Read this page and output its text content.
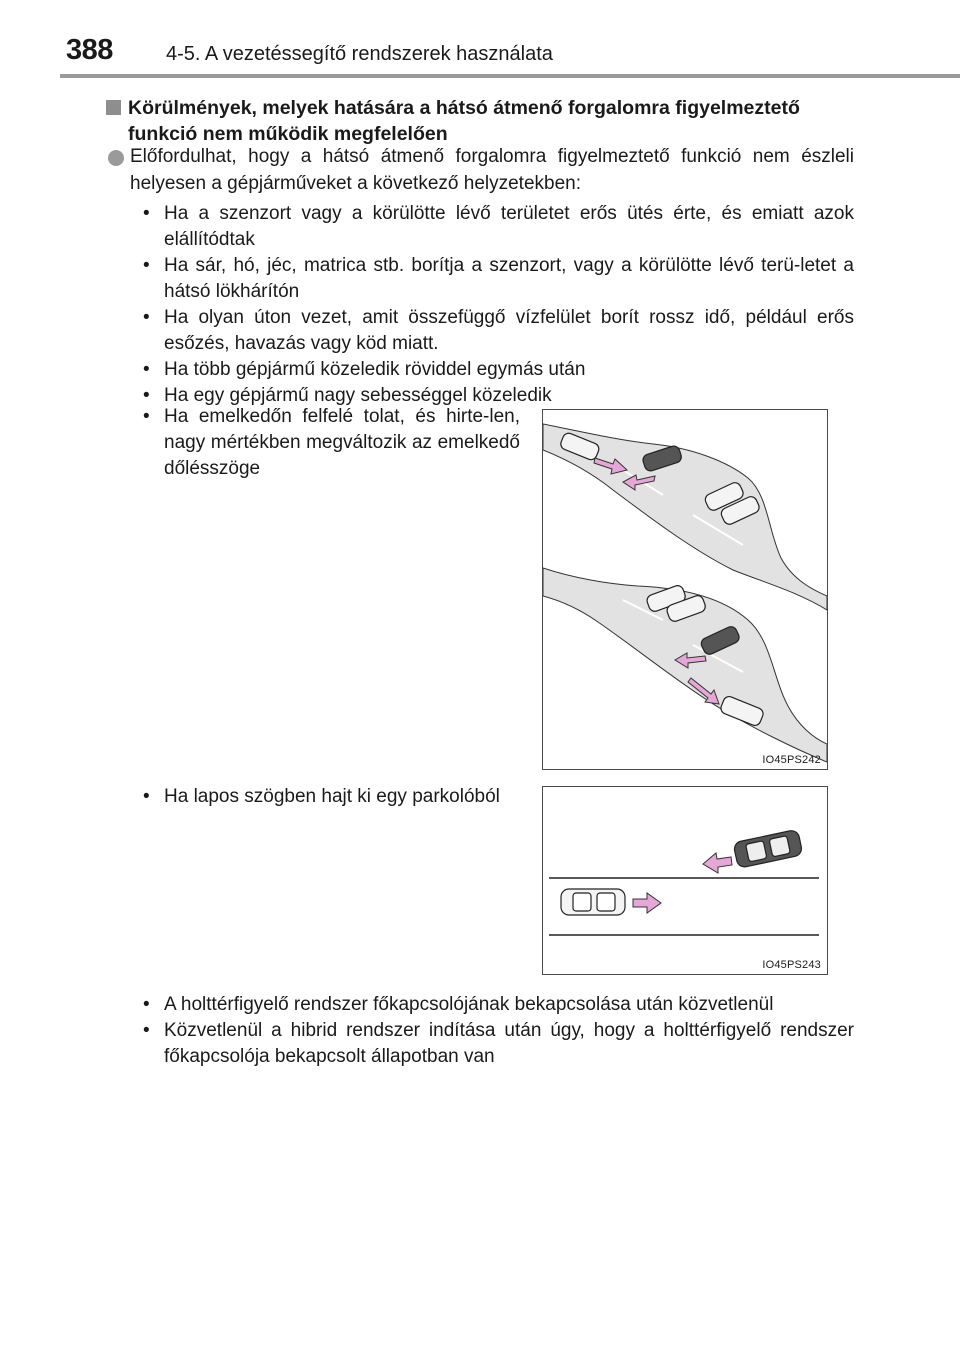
388	4-5. A vezetéssegítő rendszerek használata
Körülmények, melyek hatására a hátsó átmenő forgalomra figyelmeztető funkció nem működik megfelelően
Előfordulhat, hogy a hátsó átmenő forgalomra figyelmeztető funkció nem észleli helyesen a gépjárműveket a következő helyzetekben:
• Ha a szenzort vagy a körülötte lévő területet erős ütés érte, és emiatt azok elállítódtak
• Ha sár, hó, jéc, matrica stb. borítja a szenzort, vagy a körülötte lévő terü-letet a hátsó lökhárítón
• Ha olyan úton vezet, amit összefüggő vízfelület borít rossz idő, például erős esőzés, havazás vagy köd miatt.
• Ha több gépjármű közeledik röviddel egymás után
• Ha egy gépjármű nagy sebességgel közeledik
• Ha emelkedőn felfelé tolat, és hirte-len, nagy mértékben megváltozik az emelkedő dőlésszöge
IO45PS242
• Ha lapos szögben hajt ki egy parkolóból
IO45PS243
• A holttérfigyelő rendszer főkapcsolójának bekapcsolása után közvetlenül
• Közvetlenül a hibrid rendszer indítása után úgy, hogy a holttérfigyelő rendszer főkapcsolója bekapcsolt állapotban van
